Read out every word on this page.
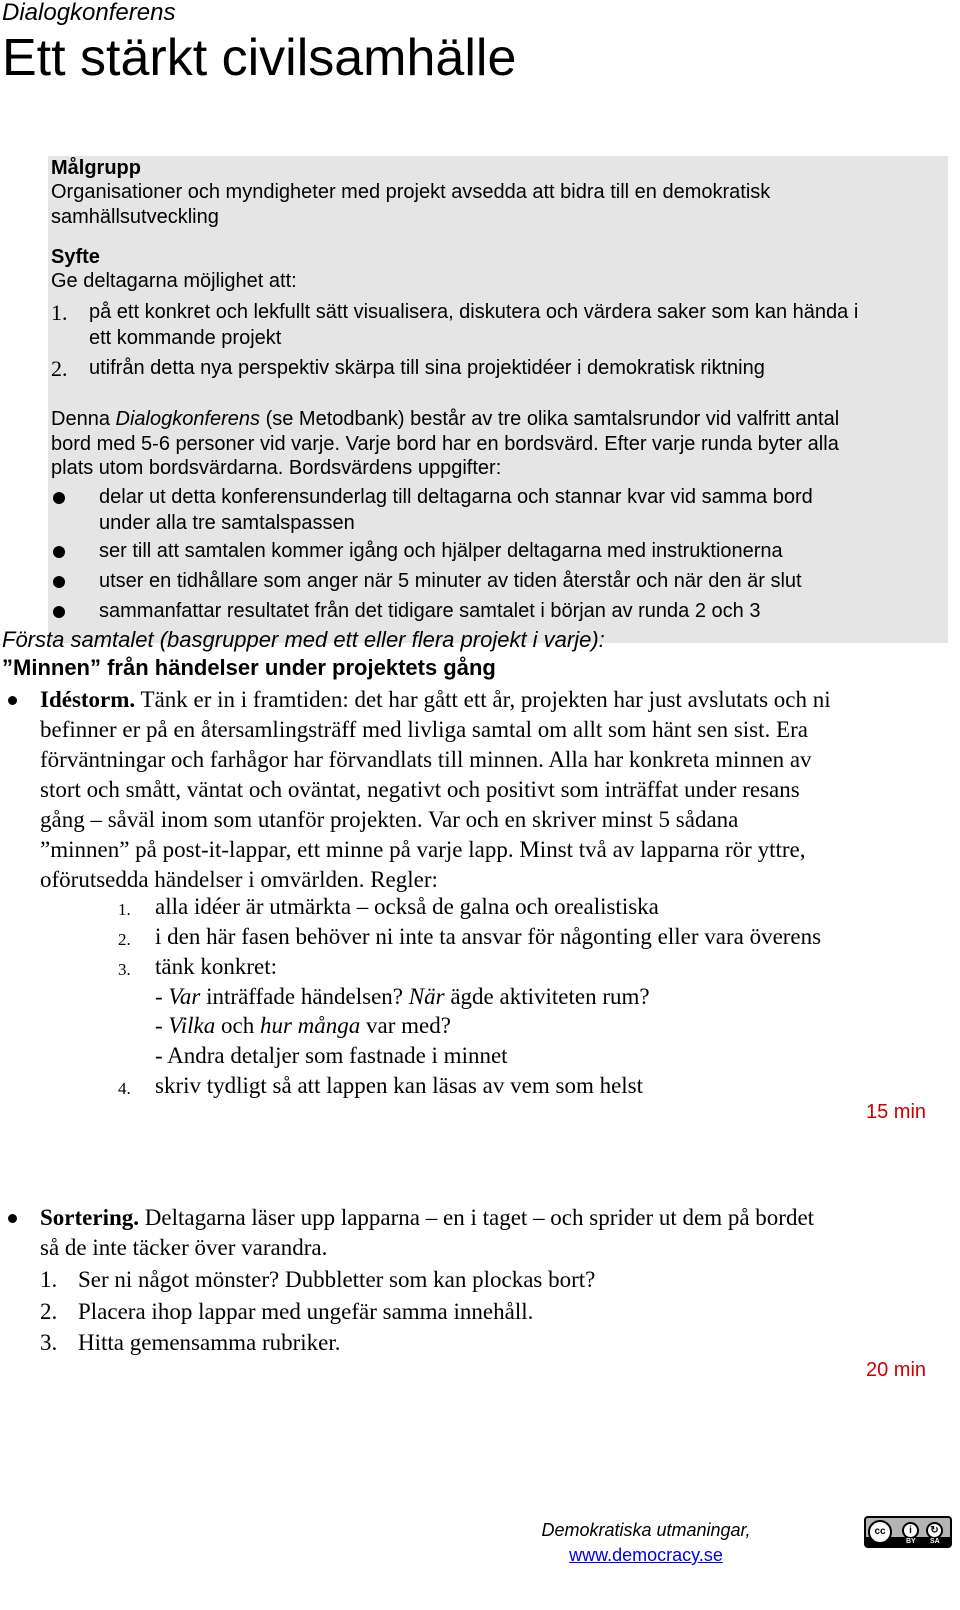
Dialogkonferens
Ett stärkt civilsamhälle
Målgrupp
Organisationer och myndigheter med projekt avsedda att bidra till en demokratisk
samhällsutveckling
Syfte
Ge deltagarna möjlighet att:
1. på ett konkret och lekfullt sätt visualisera, diskutera och värdera saker som kan hända i
ett kommande projekt
2. utifrån detta nya perspektiv skärpa till sina projektidéer i demokratisk riktning
Denna Dialogkonferens (se Metodbank) består av tre olika samtalsrundor vid valfritt antal
bord med 5-6 personer vid varje. Varje bord har en bordsvärd. Efter varje runda byter alla
plats utom bordsvärdarna. Bordsvärdens uppgifter:
delar ut detta konferensunderlag till deltagarna och stannar kvar vid samma bord
under alla tre samtalspassen
ser till att samtalen kommer igång och hjälper deltagarna med instruktionerna
utser en tidhållare som anger när 5 minuter av tiden återstår och när den är slut
sammanfattar resultatet från det tidigare samtalet i början av runda 2 och 3
Första samtalet (basgrupper med ett eller flera projekt i varje):
”Minnen” från händelser under projektets gång
Idéstorm. Tänk er in i framtiden: det har gått ett år, projekten har just avslutats och ni
befinner er på en återsamlingsträff med livliga samtal om allt som hänt sen sist. Era
förväntningar och farhågor har förvandlats till minnen. Alla har konkreta minnen av
stort och smått, väntat och oväntat, negativt och positivt som inträffat under resans
gång – såväl inom som utanför projekten. Var och en skriver minst 5 sådana
”minnen” på post-it-lappar, ett minne på varje lapp. Minst två av lapparna rör yttre,
oförutsedda händelser i omvärlden. Regler:
1. alla idéer är utmärkta – också de galna och orealistiska
2. i den här fasen behöver ni inte ta ansvar för någonting eller vara överens
3. tänk konkret:
- Var inträffade händelsen? När ägde aktiviteten rum?
- Vilka och hur många var med?
- Andra detaljer som fastnade i minnet
4. skriv tydligt så att lappen kan läsas av vem som helst
15 min
Sortering. Deltagarna läser upp lapparna – en i taget – och sprider ut dem på bordet
så de inte täcker över varandra.
1. Ser ni något mönster? Dubbletter som kan plockas bort?
2. Placera ihop lappar med ungefär samma innehåll.
3. Hitta gemensamma rubriker.
20 min
Demokratiska utmaningar,
www.democracy.se
cc	i	↻
BY SA
